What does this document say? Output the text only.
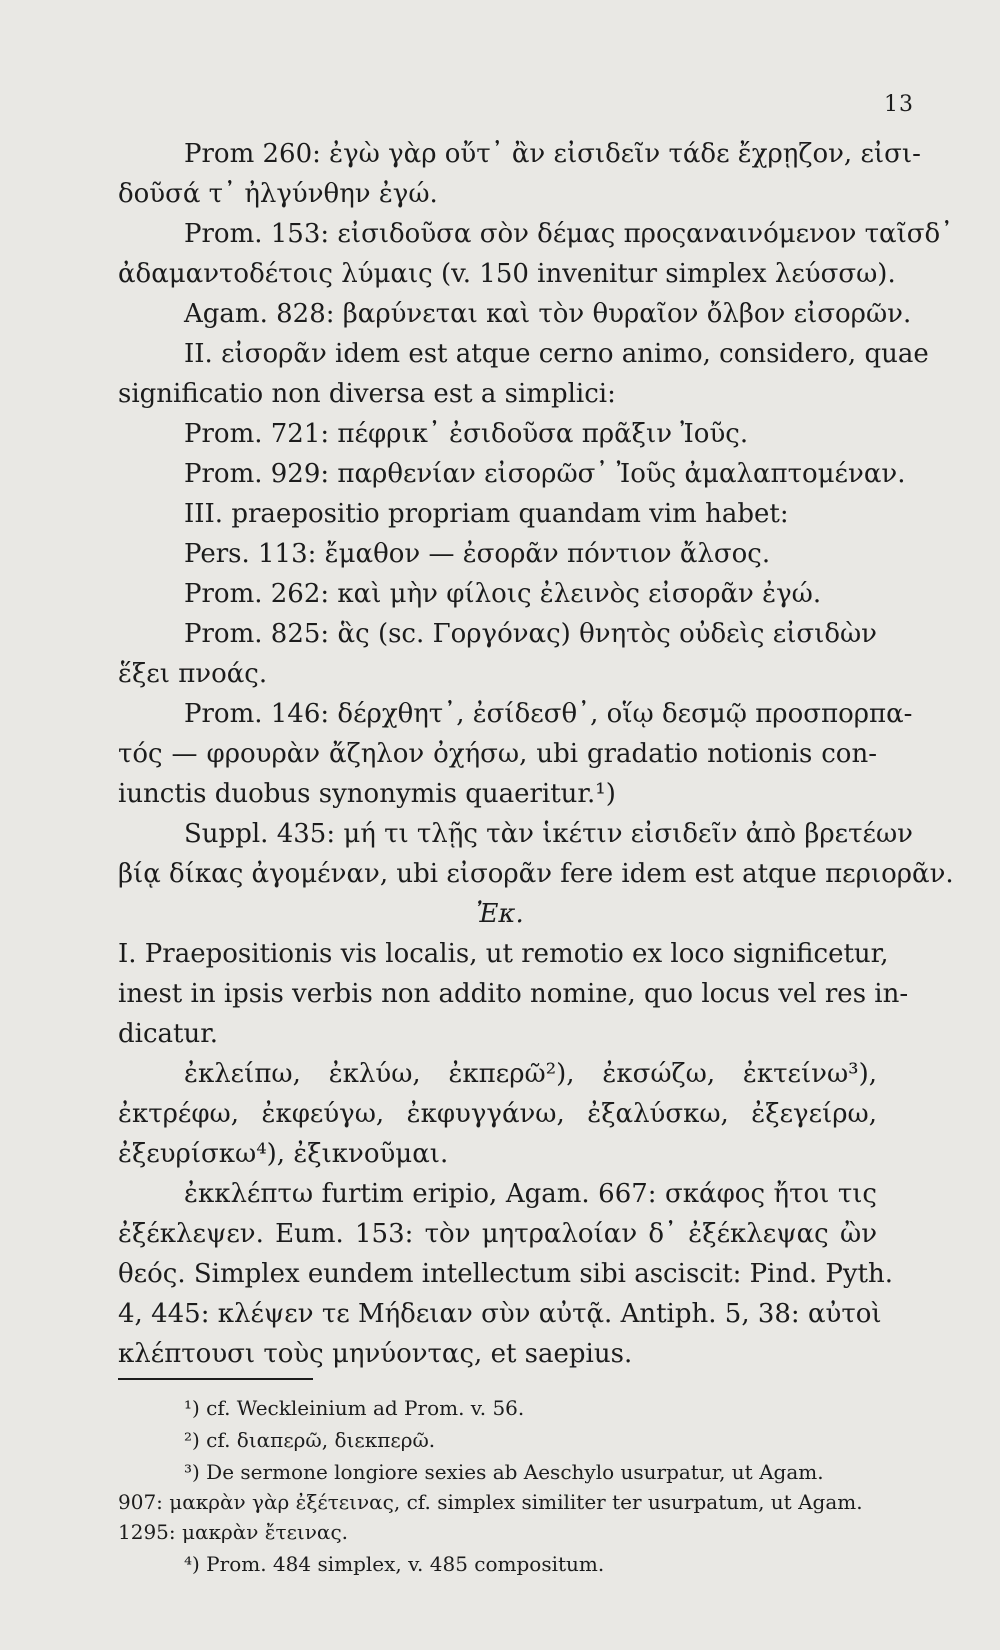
13
Prom 260: ἐγὼ γὰρ οὔτ᾽ ἂν εἰσιδεῖν τάδε ἔχρῃζον, εἰσι-
δοῦσά τ᾽ ἠλγύνθην ἐγώ.
Prom. 153: εἰσιδοῦσα σὸν δέμας προςαναινόμενον ταῖσδ᾽
ἀδαμαντοδέτοις λύμαις (v. 150 invenitur simplex λεύσσω).
Agam. 828: βαρύνεται καὶ τὸν θυραῖον ὄλβον εἰσορῶν.
II. εἰσορᾶν idem est atque cerno animo, considero, quae
significatio non diversa est a simplici:
Prom. 721: πέφρικ᾽ ἐσιδοῦσα πρᾶξιν Ἰοῦς.
Prom. 929: παρθενίαν εἰσορῶσ᾽ Ἰοῦς ἀμαλαπτομέναν.
III. praepositio propriam quandam vim habet:
Pers. 113: ἔμαθον — ἐσορᾶν πόντιον ἄλσος.
Prom. 262: καὶ μὴν φίλοις ἐλεινὸς εἰσορᾶν ἐγώ.
Prom. 825: ἃς (sc. Γοργόνας) θνητὸς οὐδεὶς εἰσιδὼν
ἕξει πνοάς.
Prom. 146: δέρχθητ᾽, ἐσίδεσθ᾽, οἵῳ δεσμῷ προσπορπα-
τός — φρουρὰν ἄζηλον ὀχήσω, ubi gradatio notionis con-
iunctis duobus synonymis quaeritur.¹)
Suppl. 435: μή τι τλῇς τὰν ἱκέτιν εἰσιδεῖν ἀπὸ βρετέων
βίᾳ δίκας ἀγομέναν, ubi εἰσορᾶν fere idem est atque περιορᾶν.
Ἐκ.
I. Praepositionis vis localis, ut remotio ex loco significetur,
inest in ipsis verbis non addito nomine, quo locus vel res in-
dicatur.
ἐκλείπω, ἐκλύω, ἐκπερῶ²), ἐκσώζω, ἐκτείνω³),
ἐκτρέφω, ἐκφεύγω, ἐκφυγγάνω, ἐξαλύσκω, ἐξεγείρω,
ἐξευρίσκω⁴), ἐξικνοῦμαι.
ἐκκλέπτω furtim eripio, Agam. 667: σκάφος ἤτοι τις
ἐξέκλεψεν. Eum. 153: τὸν μητραλοίαν δ᾽ ἐξέκλεψας ὢν
θεός. Simplex eundem intellectum sibi asciscit: Pind. Pyth.
4, 445: κλέψεν τε Μήδειαν σὺν αὐτᾷ. Antiph. 5, 38: αὐτοὶ
κλέπτουσι τοὺς μηνύοντας, et saepius.
¹) cf. Weckleinium ad Prom. v. 56.
²) cf. διαπερῶ, διεκπερῶ.
³) De sermone longiore sexies ab Aeschylo usurpatur, ut Agam.
907: μακρὰν γὰρ ἐξέτεινας, cf. simplex similiter ter usurpatum, ut Agam.
1295: μακρὰν ἔτεινας.
⁴) Prom. 484 simplex, v. 485 compositum.
